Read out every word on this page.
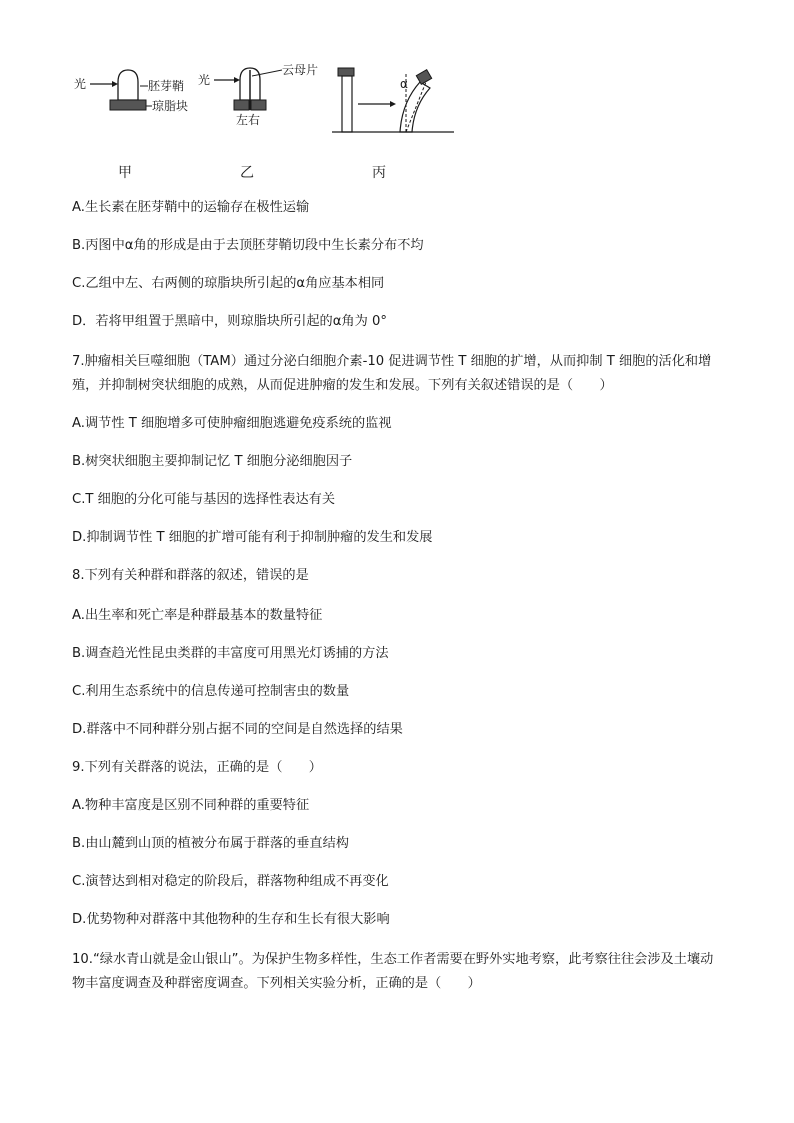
光	胚芽鞘
琼脂块
光
云母片
左右
α
甲	乙	丙
A.生长素在胚芽鞘中的运输存在极性运输
B.丙图中α角的形成是由于去顶胚芽鞘切段中生长素分布不均
C.乙组中左、右两侧的琼脂块所引起的α角应基本相同
D．若将甲组置于黑暗中，则琼脂块所引起的α角为 0°
7.肿瘤相关巨噬细胞（TAM）通过分泌白细胞介素-10 促进调节性 T 细胞的扩增，从而抑制 T 细胞的活化和增殖，并抑制树突状细胞的成熟，从而促进肿瘤的发生和发展。下列有关叙述错误的是（　　）
A.调节性 T 细胞增多可使肿瘤细胞逃避免疫系统的监视
B.树突状细胞主要抑制记忆 T 细胞分泌细胞因子
C.T 细胞的分化可能与基因的选择性表达有关
D.抑制调节性 T 细胞的扩增可能有利于抑制肿瘤的发生和发展
8.下列有关种群和群落的叙述，错误的是
A.出生率和死亡率是种群最基本的数量特征
B.调查趋光性昆虫类群的丰富度可用黑光灯诱捕的方法
C.利用生态系统中的信息传递可控制害虫的数量
D.群落中不同种群分别占据不同的空间是自然选择的结果
9.下列有关群落的说法，正确的是（　　）
A.物种丰富度是区别不同种群的重要特征
B.由山麓到山顶的植被分布属于群落的垂直结构
C.演替达到相对稳定的阶段后，群落物种组成不再变化
D.优势物种对群落中其他物种的生存和生长有很大影响
10.“绿水青山就是金山银山”。为保护生物多样性，生态工作者需要在野外实地考察，此考察往往会涉及土壤动物丰富度调查及种群密度调查。下列相关实验分析，正确的是（　　）
